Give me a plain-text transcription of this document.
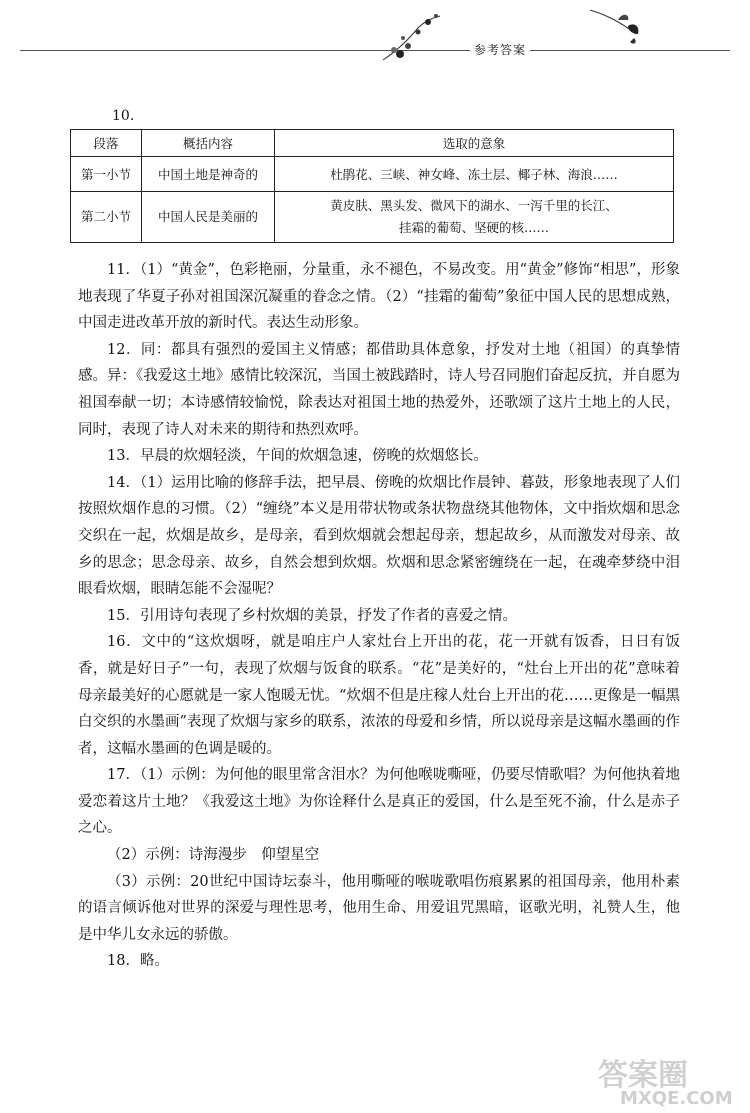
参考答案
10.
段落	概括内容	选取的意象
第一小节	中国土地是神奇的	杜鹃花、三峡、神女峰、冻土层、椰子林、海浪……
第二小节	中国人民是美丽的	黄皮肤、黑头发、微风下的湖水、一泻千里的长江、
挂霜的葡萄、坚硬的核……

11．（1）“黄金”，色彩艳丽，分量重，永不褪色，不易改变。用“黄金”修饰“相思”，形象地表现了华夏子孙对祖国深沉凝重的眷念之情。（2）“挂霜的葡萄”象征中国人民的思想成熟，中国走进改革开放的新时代。表达生动形象。

12．同：都具有强烈的爱国主义情感；都借助具体意象，抒发对土地（祖国）的真挚情感。异：《我爱这土地》感情比较深沉，当国土被践踏时，诗人号召同胞们奋起反抗，并自愿为祖国奉献一切；本诗感情较愉悦，除表达对祖国土地的热爱外，还歌颂了这片土地上的人民，同时，表现了诗人对未来的期待和热烈欢呼。

13．早晨的炊烟轻淡，午间的炊烟急速，傍晚的炊烟悠长。

14．（1）运用比喻的修辞手法，把早晨、傍晚的炊烟比作晨钟、暮鼓，形象地表现了人们按照炊烟作息的习惯。（2）“缠绕”本义是用带状物或条状物盘绕其他物体，文中指炊烟和思念交织在一起，炊烟是故乡，是母亲，看到炊烟就会想起母亲，想起故乡，从而激发对母亲、故乡的思念；思念母亲、故乡，自然会想到炊烟。炊烟和思念紧密缠绕在一起，在魂牵梦绕中泪眼看炊烟，眼睛怎能不会湿呢？

15．引用诗句表现了乡村炊烟的美景，抒发了作者的喜爱之情。

16．文中的“这炊烟呀，就是咱庄户人家灶台上开出的花，花一开就有饭香，日日有饭香，就是好日子”一句，表现了炊烟与饭食的联系。“花”是美好的，“灶台上开出的花”意味着母亲最美好的心愿就是一家人饱暖无忧。“炊烟不但是庄稼人灶台上开出的花……更像是一幅黑白交织的水墨画”表现了炊烟与家乡的联系，浓浓的母爱和乡情，所以说母亲是这幅水墨画的作者，这幅水墨画的色调是暖的。

17．（1）示例：为何他的眼里常含泪水？为何他喉咙嘶哑，仍要尽情歌唱？为何他执着地爱恋着这片土地？《我爱这土地》为你诠释什么是真正的爱国，什么是至死不渝，什么是赤子之心。

（2）示例：诗海漫步　仰望星空

（3）示例：20世纪中国诗坛泰斗，他用嘶哑的喉咙歌唱伤痕累累的祖国母亲，他用朴素的语言倾诉他对世界的深爱与理性思考，他用生命、用爱诅咒黑暗，讴歌光明，礼赞人生，他是中华儿女永远的骄傲。

18．略。

答案圈
MXQE.COM
